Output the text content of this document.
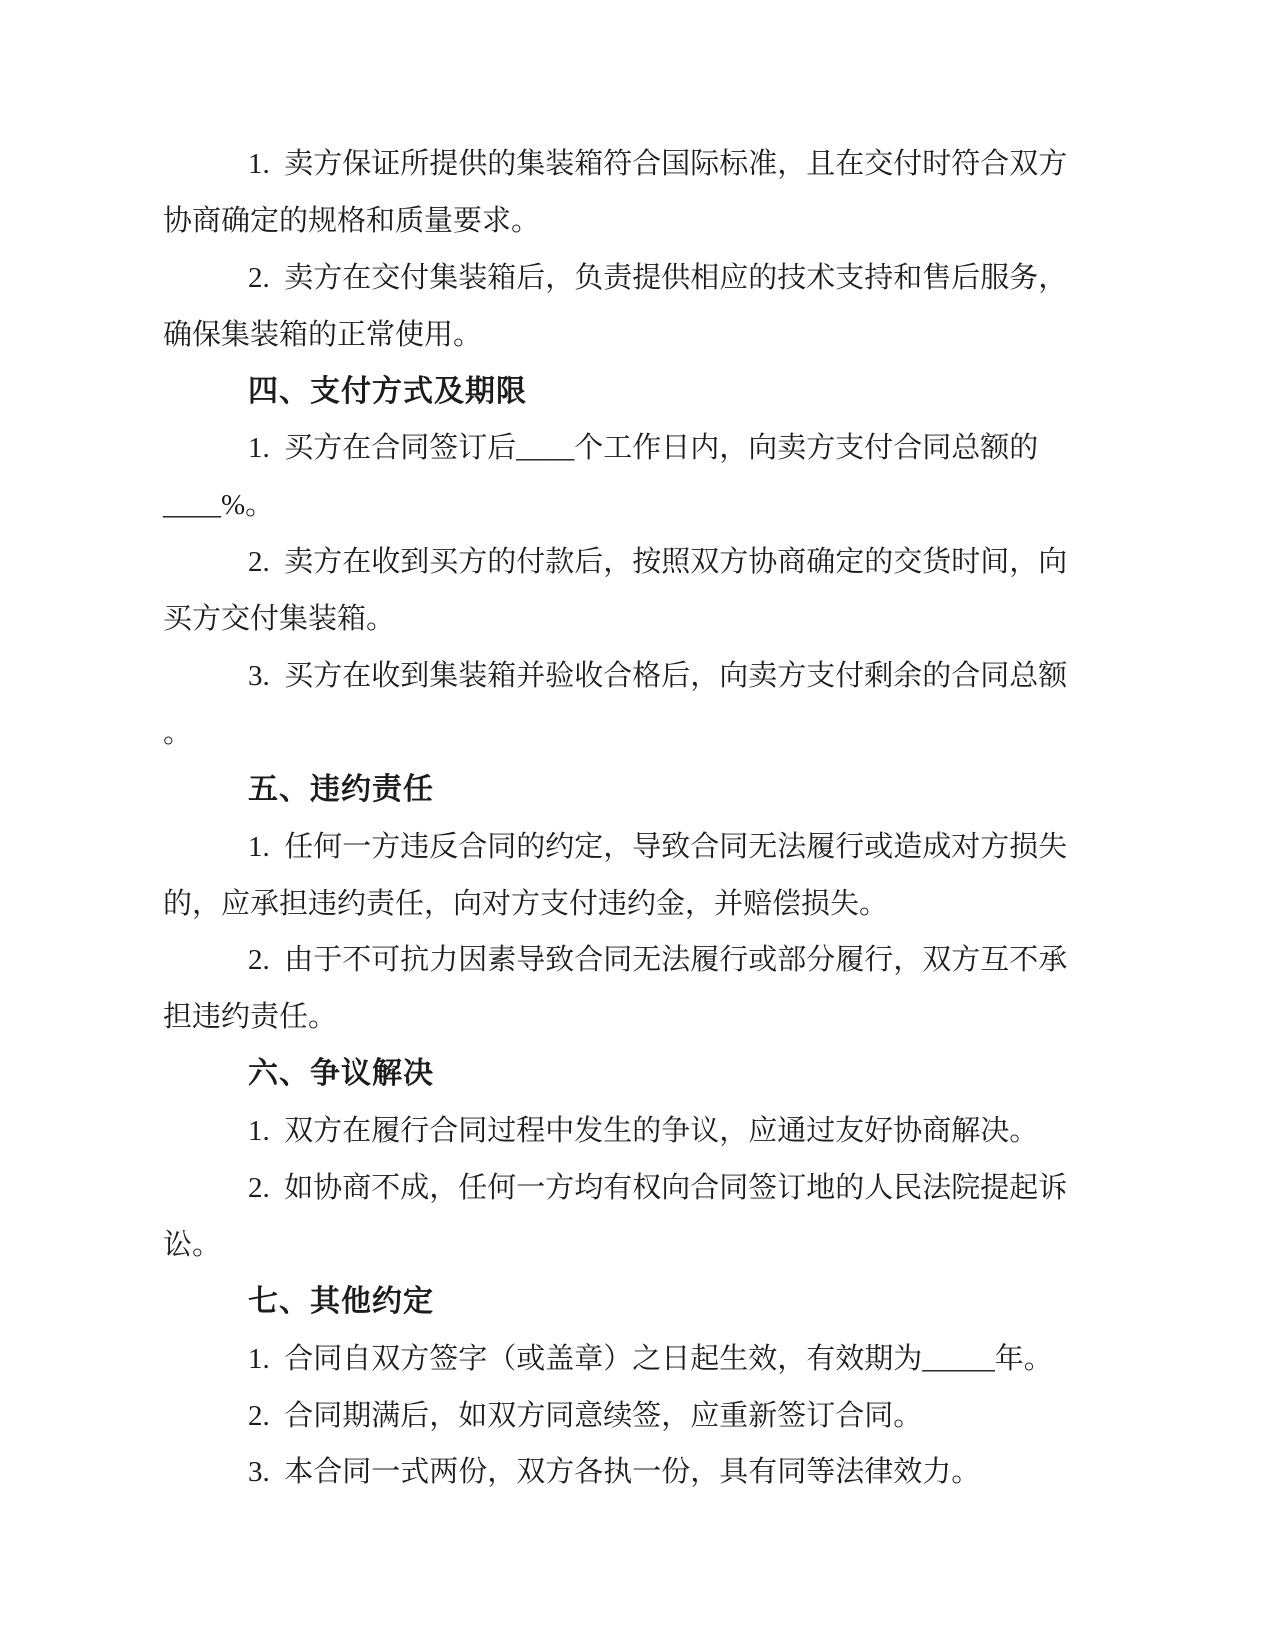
1.  卖方保证所提供的集装箱符合国际标准，且在交付时符合双方
协商确定的规格和质量要求。
2.  卖方在交付集装箱后，负责提供相应的技术支持和售后服务，
确保集装箱的正常使用。
四、支付方式及期限
1.  买方在合同签订后____个工作日内，向卖方支付合同总额的
____%。
2.  卖方在收到买方的付款后，按照双方协商确定的交货时间，向
买方交付集装箱。
3.  买方在收到集装箱并验收合格后，向卖方支付剩余的合同总额
。
五、违约责任
1.  任何一方违反合同的约定，导致合同无法履行或造成对方损失
的，应承担违约责任，向对方支付违约金，并赔偿损失。
2.  由于不可抗力因素导致合同无法履行或部分履行，双方互不承
担违约责任。
六、争议解决
1.  双方在履行合同过程中发生的争议，应通过友好协商解决。
2.  如协商不成，任何一方均有权向合同签订地的人民法院提起诉
讼。
七、其他约定
1.  合同自双方签字（或盖章）之日起生效，有效期为_____年。
2.  合同期满后，如双方同意续签，应重新签订合同。
3.  本合同一式两份，双方各执一份，具有同等法律效力。
